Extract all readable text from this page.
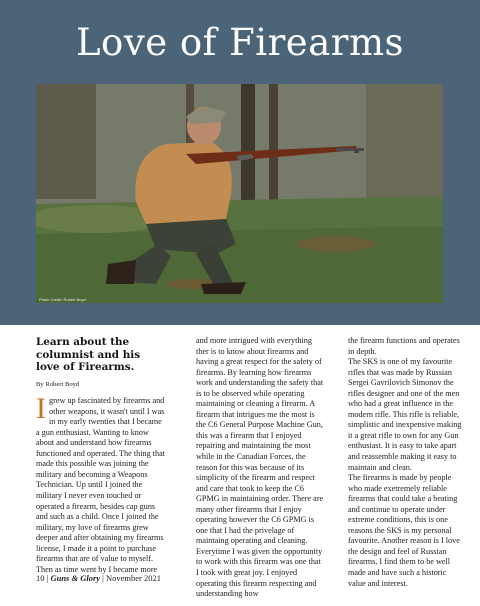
Love of Firearms
Photo Credit: Robert Boyd

Learn about the columnist and his love of Firearms.

By Robert Boyd

Igrew up fascinated by firearms and other weapons, it wasn't until I was in my early twenties that I became a gun enthusiast. Wanting to know about and understand how firearms functioned and operated. The thing that made this possible was joining the military and becoming a Weapons Technician. Up until I joined the military I never even touched or operated a firearm, besides cap guns and such as a child. Once I joined the military, my love of firearms grew deeper and after obtaining my firearms license, I made it a point to purchase firearms that are of value to myself. Then as time went by I became more

and more intrigued with everything ther is to know about firearms and having a great respect for the safety of firearms. By learning how firearms work and understanding the safety that is to be observed while operating maintaining or cleaning a firearm. A firearm that intrigues me the most is the C6 General Purpose Machine Gun, this was a firearm that I enjoyed repairing and maintaining the most while in the Canadian Forces, the reason for this was because of its simplicity of the firearm and respect and care that took to keep the C6 GPMG in maintaining order. There are many other firearms that I enjoy operating however the C6 GPMG is one that I had the privelage of maintaing operating and cleaning. Everytime I was given the opportunity to work with this firearm was one that I took with great joy. I enjoyed operating this firearm respecting and understanding how

the firearm functions and operates in depth.

The SKS is one of my favourite rifles that was made by Russian Sergei Gavrilovich Simonov the rifles designer and one of the men who had a great influence in the modern rifle. This rifle is reliable, simplistic and inexpensive making it a great rifle to own for any Gun enthusiast. It is easy to take apart and reassemble making it easy to maintain and clean.

The firearms is made by people who made exetremely reliable firearms that could take a beating and continue to operate under extreme conditions, this is one reasons the SKS is my personal favourite. Another reason is I love the design and feel of Russian firearms, I find them to be well made and have such a historic value and interest.

10 | Guns & Glory | November 2021
